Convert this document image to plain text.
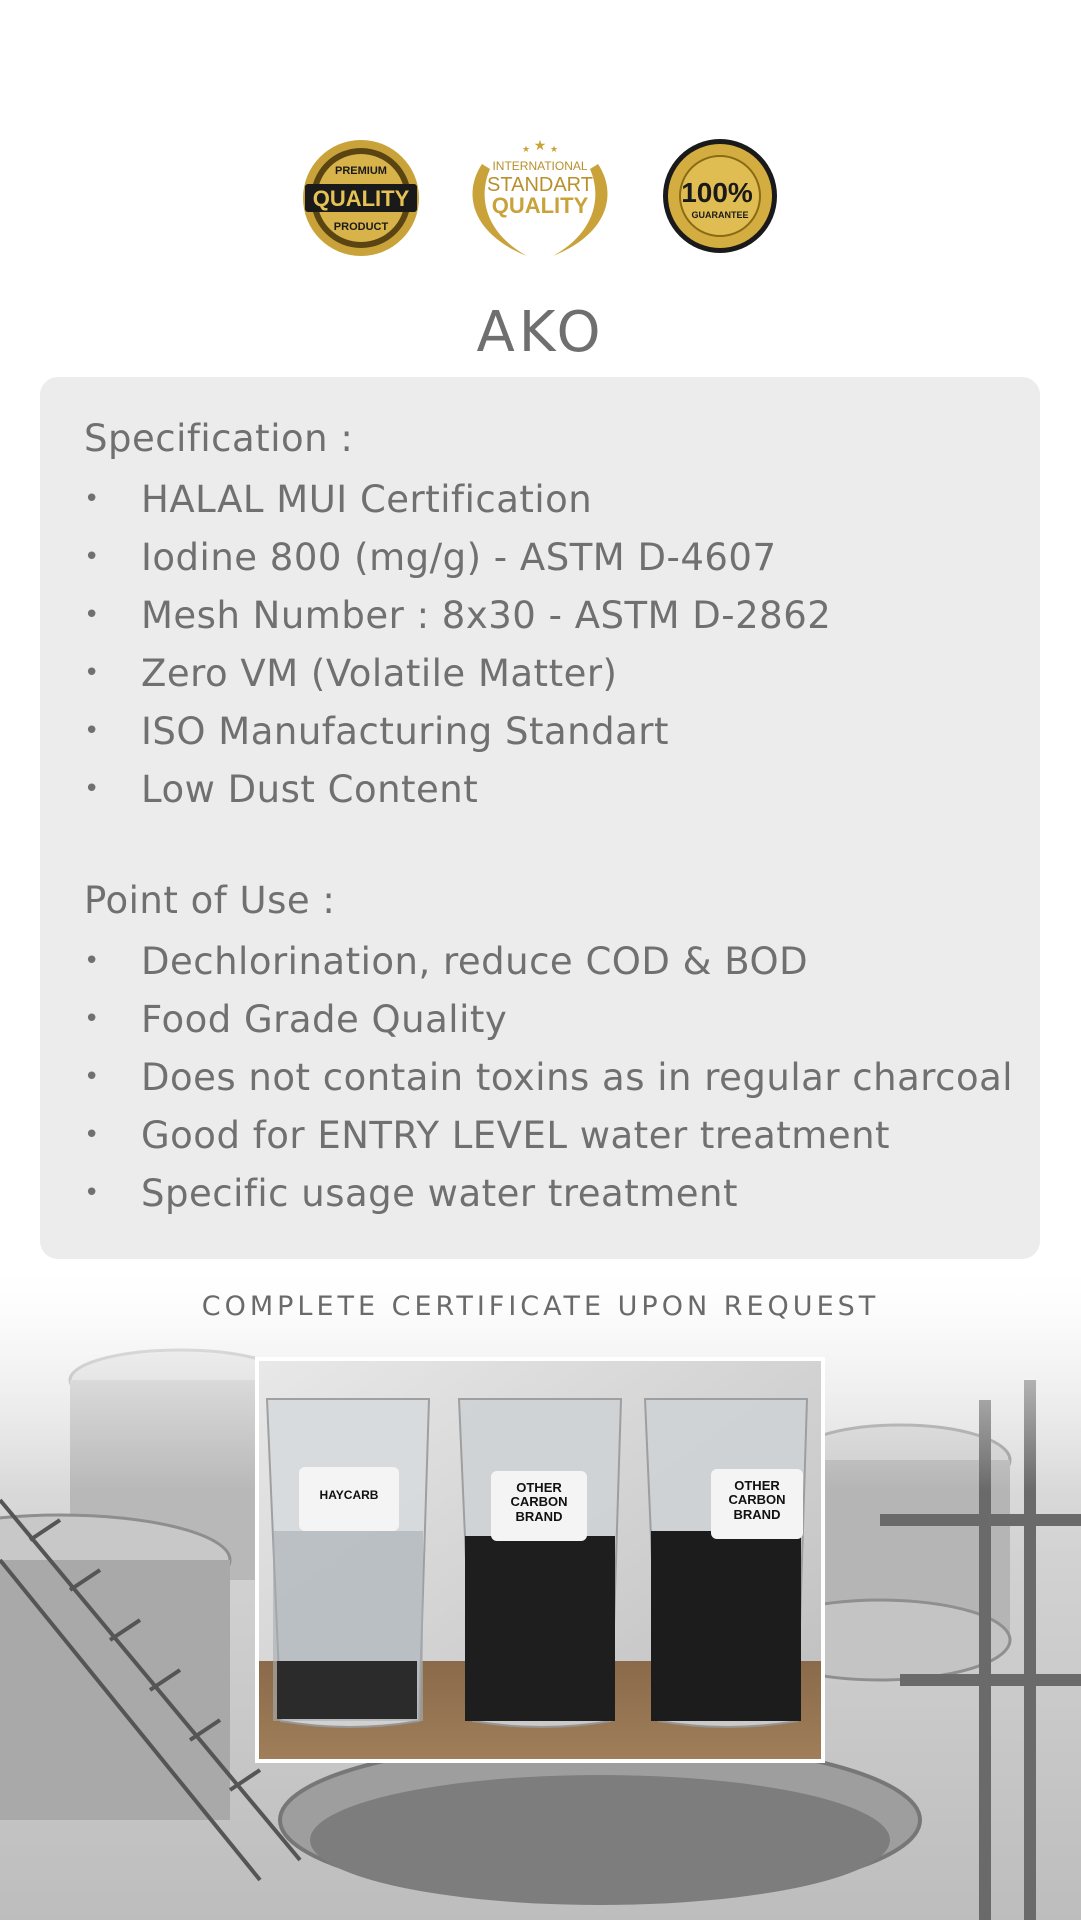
QUALITY
PREMIUM
PRODUCT
★
★ ★
INTERNATIONAL
STANDART
QUALITY	100%
GUARANTEE
AKO
Specification :
•	HALAL MUI Certification
•	Iodine 800 (mg/g) - ASTM D-4607
•	Mesh Number : 8x30 - ASTM D-2862
•	Zero VM (Volatile Matter)
•	ISO Manufacturing Standart
•	Low Dust Content
Point of Use :
•	Dechlorination, reduce COD & BOD
•	Food Grade Quality
•	Does not contain toxins as in regular charcoal
•	Good for ENTRY LEVEL water treatment
•	Specific usage water treatment
COMPLETE CERTIFICATE UPON REQUEST
HAYCARB	OTHER CARBON BRAND
OTHER CARBON BRAND
